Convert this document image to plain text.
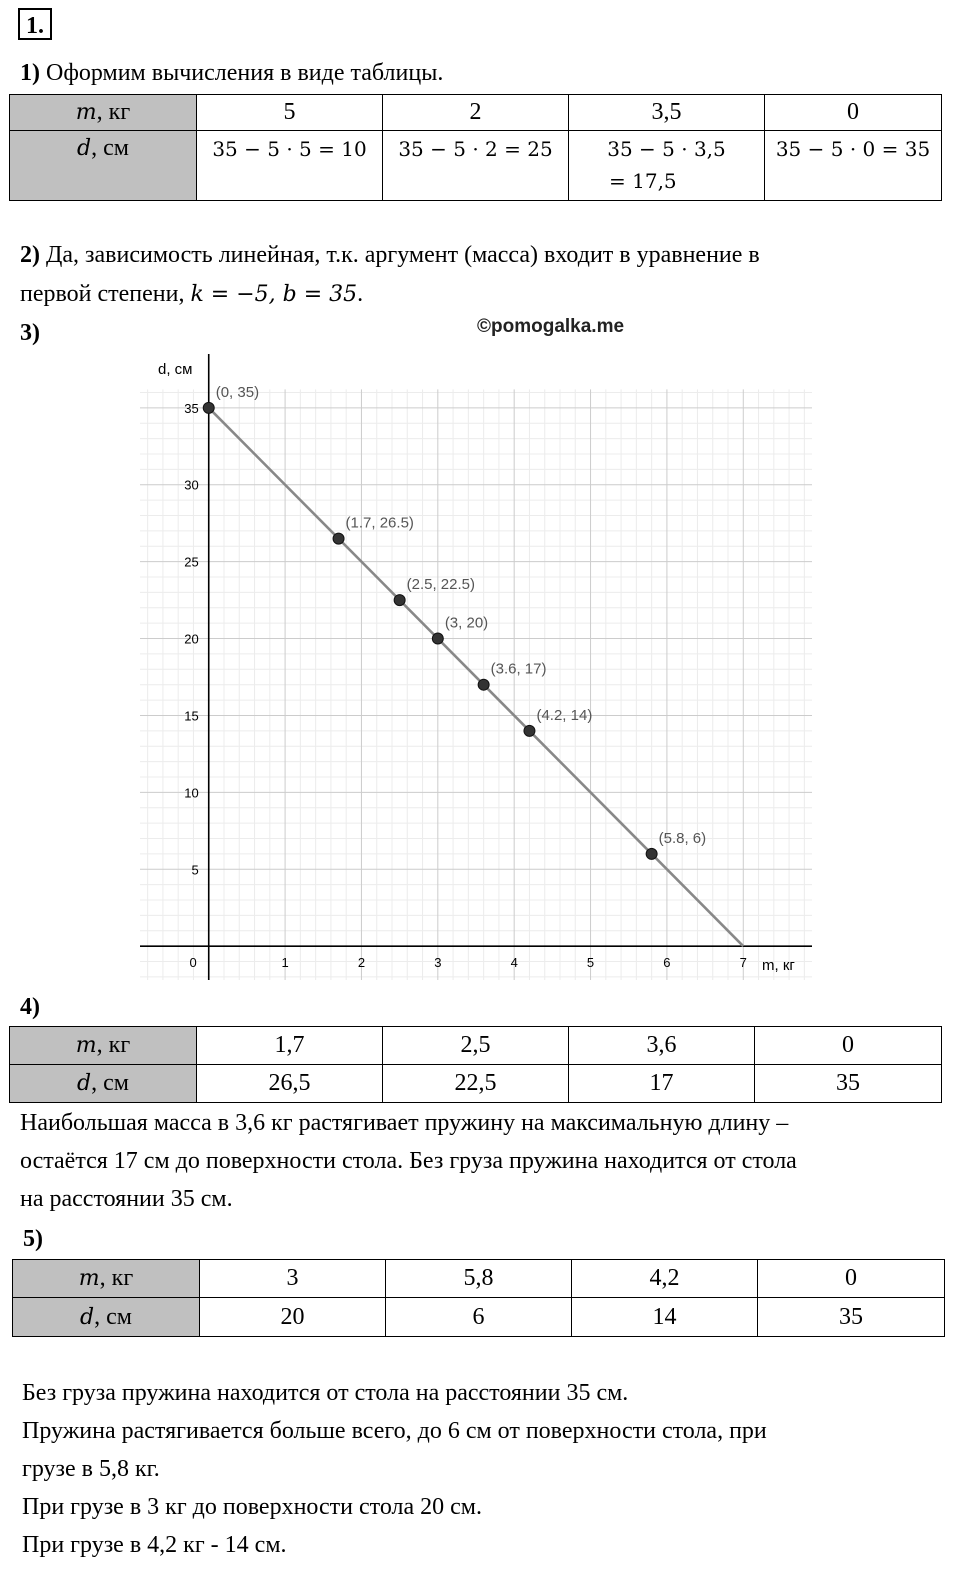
1.
1) Оформим вычисления в виде таблицы.
m, кг	5	2	3,5	0
d, см	35 − 5 · 5 = 10	35 − 5 · 2 = 25	35 − 5 · 3,5
= 17,5	35 − 5 · 0 = 35
2) Да, зависимость линейная, т.к. аргумент (масса) входит в уравнение в
первой степени, k = −5, b = 35.
3)	©pomogalka.me
1	2	3	4	5	6	7
5
10
15
20
25
30
35
0
(0, 35)
(1.7, 26.5)
(2.5, 22.5)
(3, 20)
(3.6, 17)
(4.2, 14)
(5.8, 6)
d, см
m, кг
4)
m, кг	1,7	2,5	3,6	0
d, см	26,5	22,5	17	35
Наибольшая масса в 3,6 кг растягивает пружину на максимальную длину –
остаётся 17 см до поверхности стола. Без груза пружина находится от стола
на расстоянии 35 см.
5)
m, кг	3	5,8	4,2	0
d, см	20	6	14	35
Без груза пружина находится от стола на расстоянии 35 см.
Пружина растягивается больше всего, до 6 см от поверхности стола, при
грузе в 5,8 кг.
При грузе в 3 кг до поверхности стола 20 см.
При грузе в 4,2 кг - 14 см.
